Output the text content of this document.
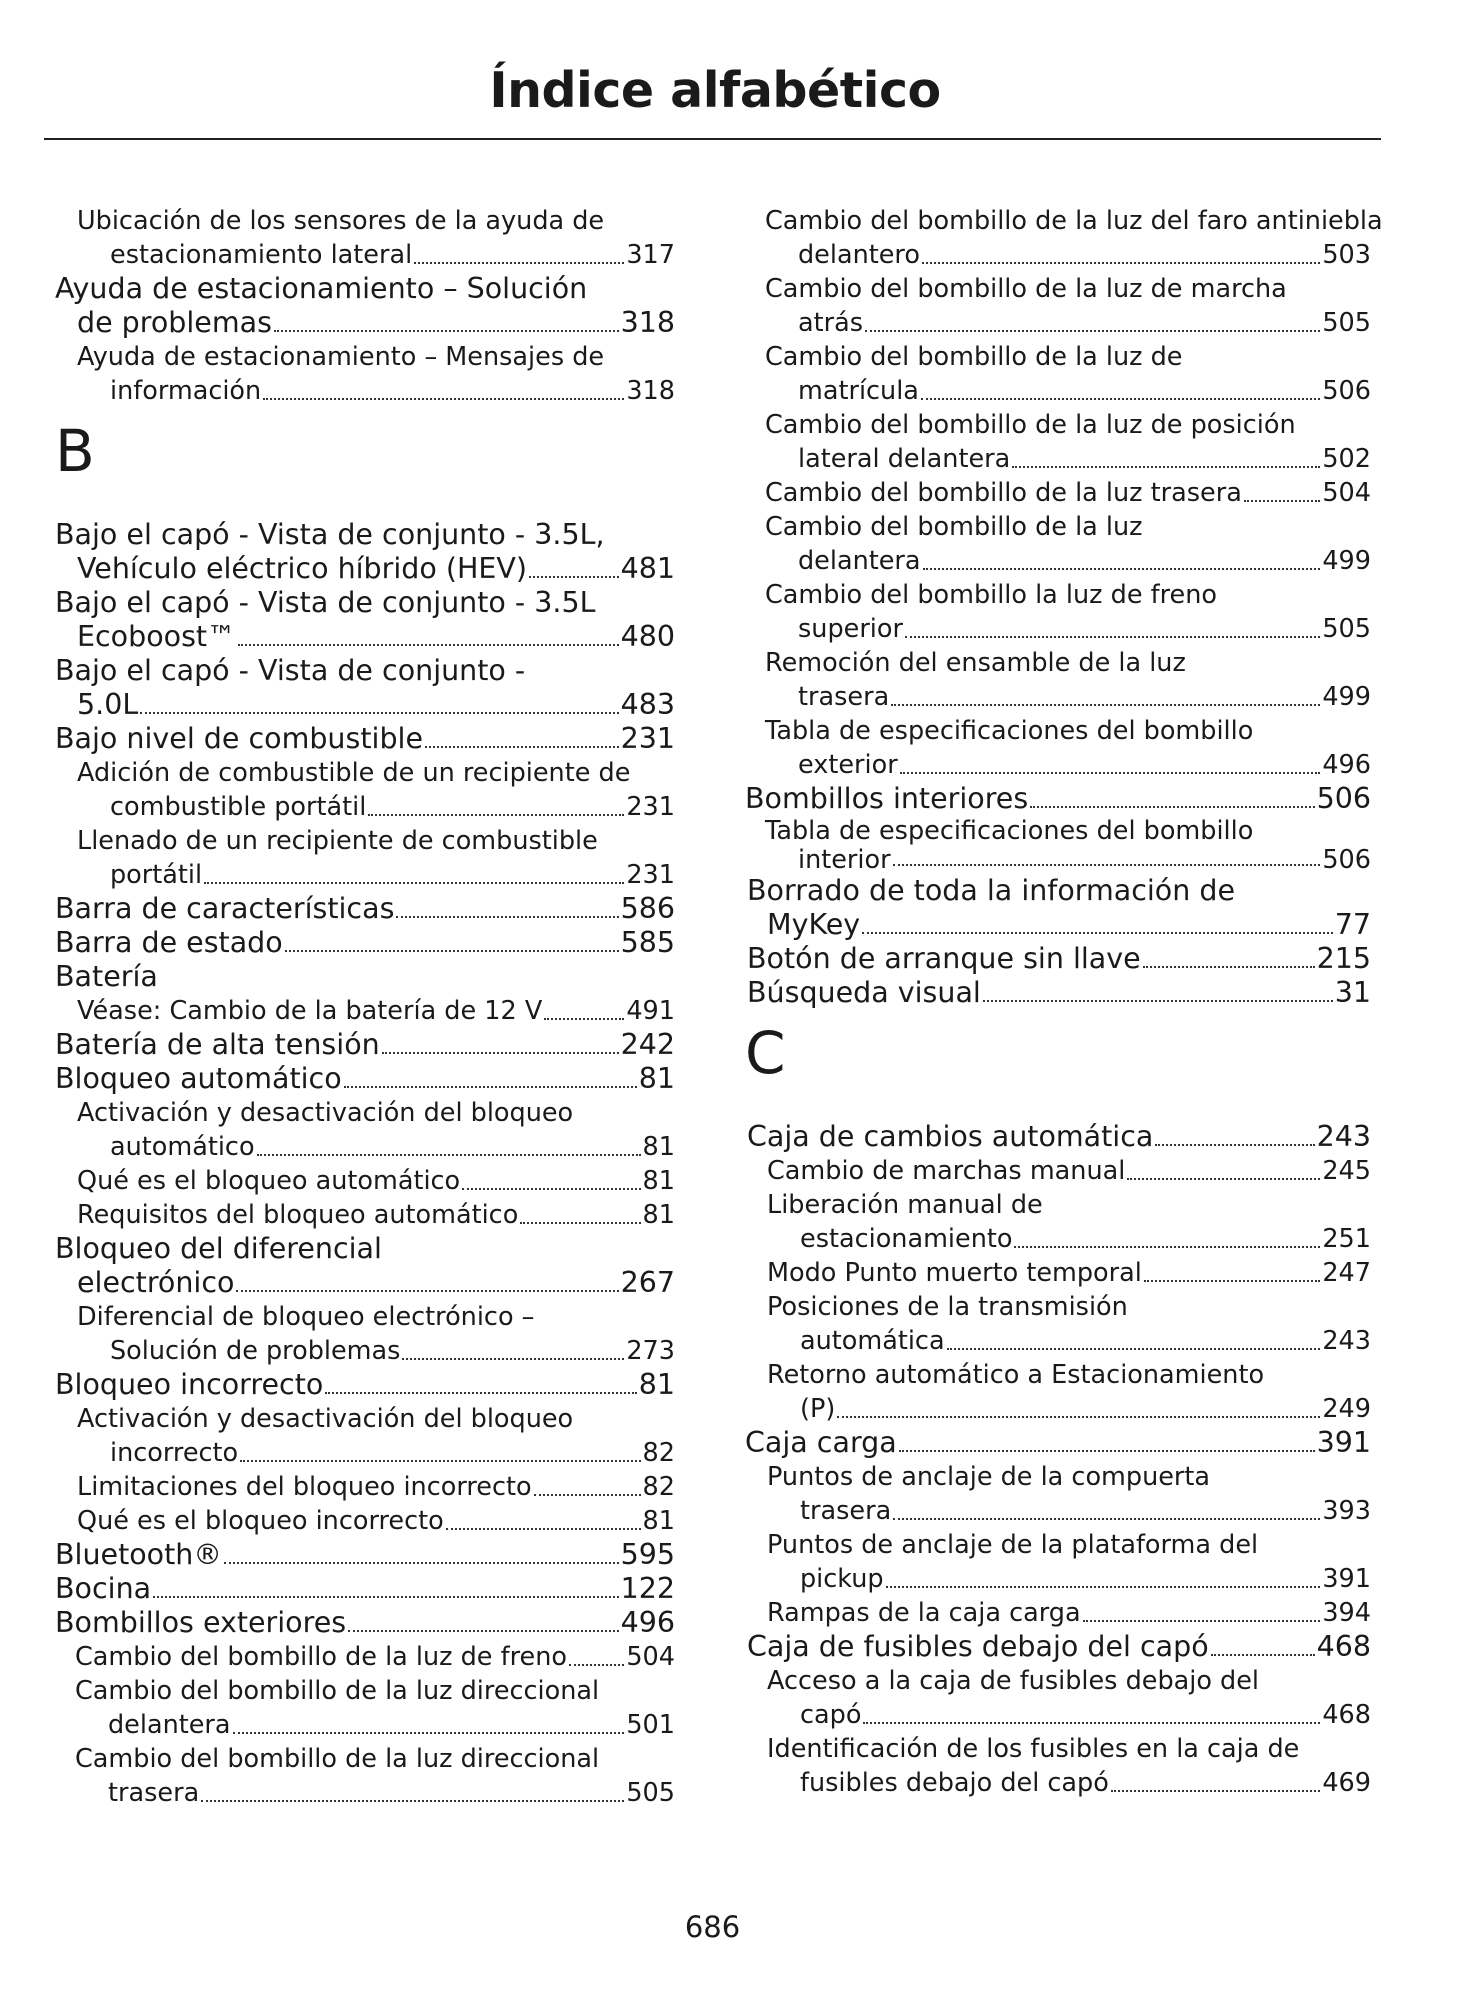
Índice alfabético
Ubicación de los sensores de la ayuda de
estacionamiento lateral	317
Ayuda de estacionamiento – Solución
de problemas	318
Ayuda de estacionamiento – Mensajes de
información	318
B
Bajo el capó - Vista de conjunto - 3.5L,
Vehículo eléctrico híbrido (HEV)	481
Bajo el capó - Vista de conjunto - 3.5L
Ecoboost™	480
Bajo el capó - Vista de conjunto -
5.0L	483
Bajo nivel de combustible	231
Adición de combustible de un recipiente de
combustible portátil	231
Llenado de un recipiente de combustible
portátil	231
Barra de características	586
Barra de estado	585
Batería
Véase: Cambio de la batería de 12 V	491
Batería de alta tensión	242
Bloqueo automático	81
Activación y desactivación del bloqueo
automático	81
Qué es el bloqueo automático	81
Requisitos del bloqueo automático	81
Bloqueo del diferencial
electrónico	267
Diferencial de bloqueo electrónico –
Solución de problemas	273
Bloqueo incorrecto	81
Activación y desactivación del bloqueo
incorrecto	82
Limitaciones del bloqueo incorrecto	82
Qué es el bloqueo incorrecto	81
Bluetooth®	595
Bocina	122
Bombillos exteriores	496
Cambio del bombillo de la luz de freno 504
Cambio del bombillo de la luz direccional
delantera	501
Cambio del bombillo de la luz direccional
trasera	505
Cambio del bombillo de la luz del faro antiniebla
delantero	503
Cambio del bombillo de la luz de marcha
atrás	505
Cambio del bombillo de la luz de
matrícula	506
Cambio del bombillo de la luz de posición
lateral delantera	502
Cambio del bombillo de la luz trasera	504
Cambio del bombillo de la luz
delantera	499
Cambio del bombillo la luz de freno
superior	505
Remoción del ensamble de la luz
trasera	499
Tabla de especificaciones del bombillo
exterior	496
Bombillos interiores	506
Tabla de especificaciones del bombillo
interior	506
Borrado de toda la información de
MyKey	77
Botón de arranque sin llave	215
Búsqueda visual	31
C
Caja de cambios automática	243
Cambio de marchas manual	245
Liberación manual de
estacionamiento	251
Modo Punto muerto temporal	247
Posiciones de la transmisión
automática	243
Retorno automático a Estacionamiento
(P)	249
Caja carga	391
Puntos de anclaje de la compuerta
trasera	393
Puntos de anclaje de la plataforma del
pickup	391
Rampas de la caja carga	394
Caja de fusibles debajo del capó	468
Acceso a la caja de fusibles debajo del
capó	468
Identificación de los fusibles en la caja de
fusibles debajo del capó	469
686
